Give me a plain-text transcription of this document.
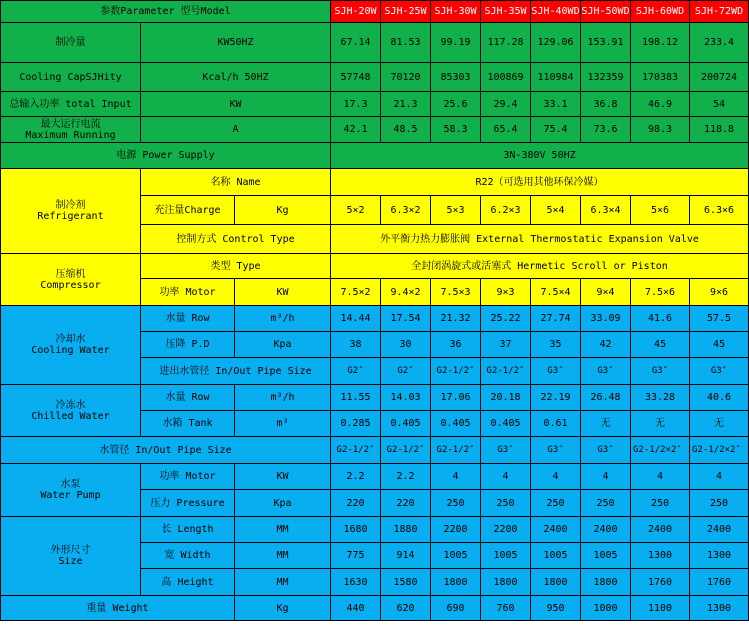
参数Parameter 型号Model			SJH-20W	SJH-25W	SJH-30W	SJH-35W	SJH-40WD	SJH-50WD	SJH-60WD	SJH-72WD
制冷量	KW50HZ		67.14	81.53	99.19	117.28	129.06	153.91	198.12	233.4
Cooling CapSJHity	Kcal/h 50HZ		57748	70120	85303	100869	110984	132359	170383	200724
总输入功率 total Input	KW		17.3	21.3	25.6	29.4	33.1	36.8	46.9	54

最大运行电流
Maximum Running	A		42.1	48.5	58.3	65.4	75.4	73.6	98.3	118.8
电源 Power Supply			3N-380V 50HZ							

制冷剂
Refrigerant	名称 Name		R22（可选用其他环保冷媒）							
	充注量Charge	Kg	5×2	6.3×2	5×3	6.2×3	5×4	6.3×4	5×6	6.3×6
	控制方式 Control Type		外平衡力热力膨胀阀 External Thermostatic Expansion Valve							

压缩机
Compressor	类型 Type		全封闭涡旋式或活塞式 Hermetic Scroll or Piston							
	功率 Motor	KW	7.5×2	9.4×2	7.5×3	9×3	7.5×4	9×4	7.5×6	9×6

冷却水
Cooling Water	水量 Row	m³/h	14.44	17.54	21.32	25.22	27.74	33.09	41.6	57.5
	压降 P.D	Kpa	38	30	36	37	35	42	45	45
	进出水管径 In/Out Pipe Size		G2″	G2″	G2-1/2″	G2-1/2″	G3″	G3″	G3″	G3″

冷冻水
Chilled Water	水量 Row	m³/h	11.55	14.03	17.06	20.18	22.19	26.48	33.28	40.6
	水箱 Tank	m³	0.285	0.405	0.405	0.405	0.61	无	无	无
水管径 In/Out Pipe Size			G2-1/2″	G2-1/2″	G2-1/2″	G3″	G3″	G3″	G2-1/2×2″	G2-1/2×2″

水泵
Water Pump	功率 Motor	KW	2.2	2.2	4	4	4	4	4	4
	压力 Pressure	Kpa	220	220	250	250	250	250	250	250

外形尺寸
Size	长 Length	MM	1680	1880	2200	2200	2400	2400	2400	2400
	宽 Width	MM	775	914	1005	1005	1005	1005	1300	1300
	高 Height	MM	1630	1580	1800	1800	1800	1800	1760	1760
重量 Weight		Kg	440	620	690	760	950	1000	1100	1300
